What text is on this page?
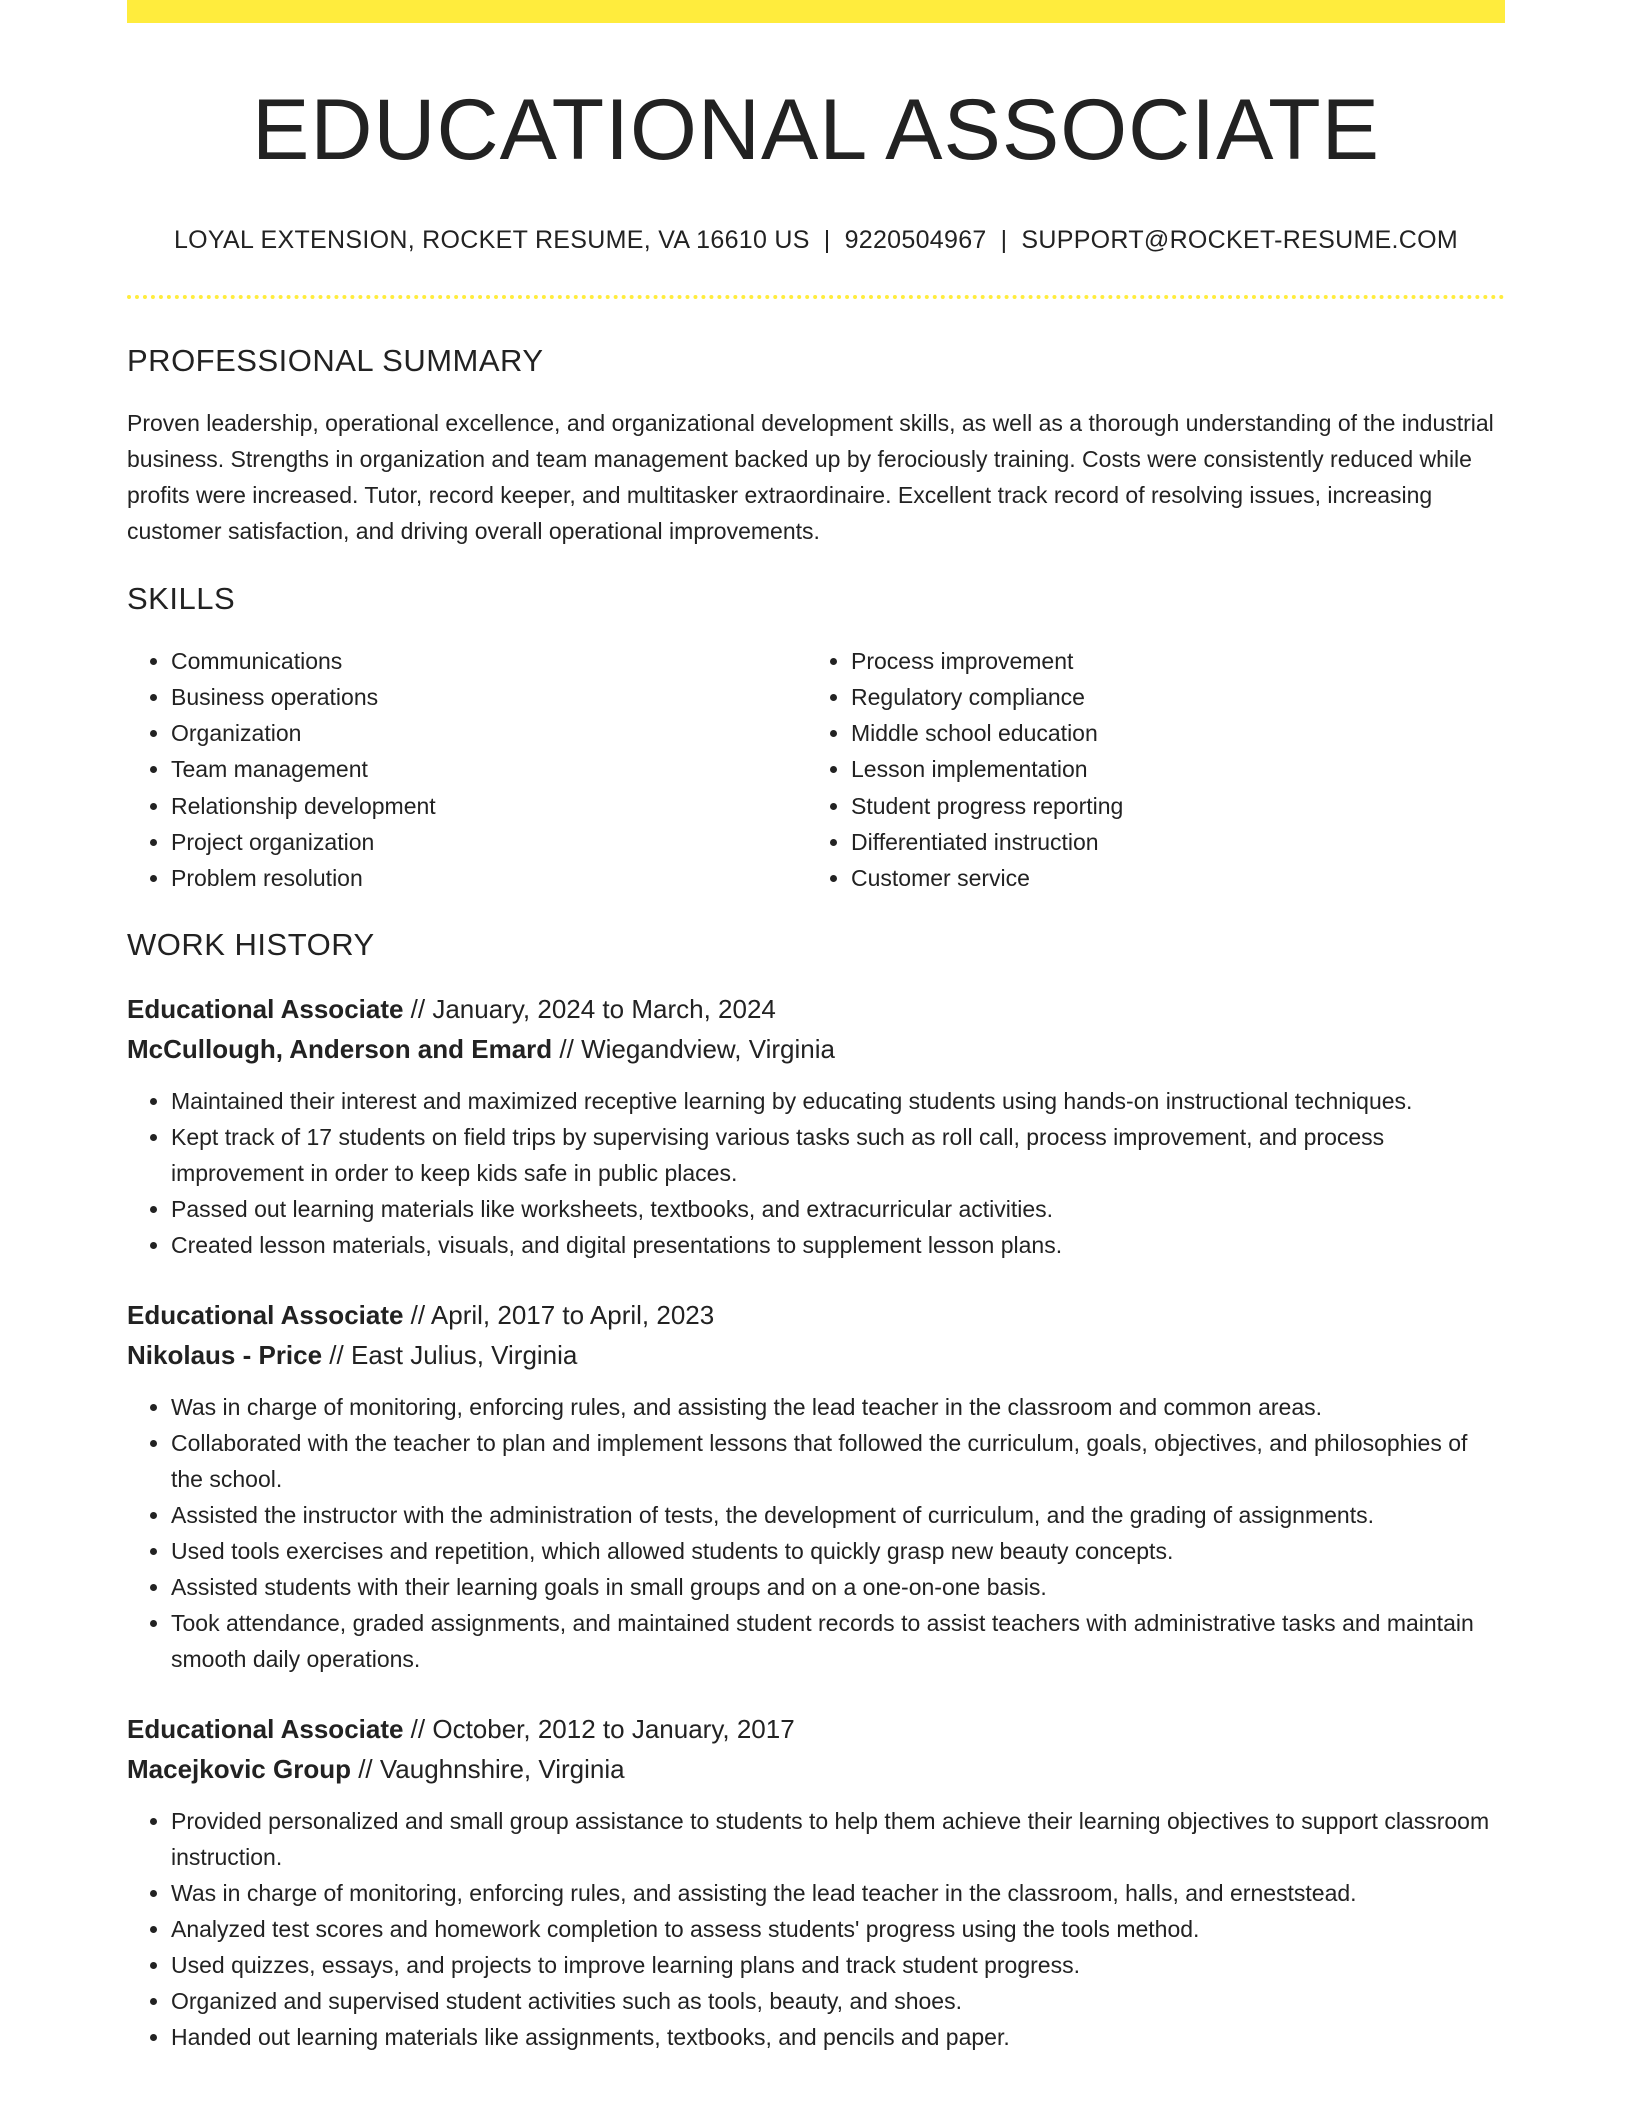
EDUCATIONAL ASSOCIATE
LOYAL EXTENSION, ROCKET RESUME, VA 16610 US | 9220504967 | SUPPORT@ROCKET-RESUME.COM
PROFESSIONAL SUMMARY

Proven leadership, operational excellence, and organizational development skills, as well as a thorough understanding of the industrial business. Strengths in organization and team management backed up by ferociously training. Costs were consistently reduced while profits were increased. Tutor, record keeper, and multitasker extraordinaire. Excellent track record of resolving issues, increasing customer satisfaction, and driving overall operational improvements.

SKILLS
• Communications
• Business operations
• Organization
• Team management
• Relationship development
• Project organization
• Problem resolution
• Process improvement
• Regulatory compliance
• Middle school education
• Lesson implementation
• Student progress reporting
• Differentiated instruction
• Customer service
WORK HISTORY
Educational Associate // January, 2024 to March, 2024
McCullough, Anderson and Emard // Wiegandview, Virginia
• Maintained their interest and maximized receptive learning by educating students using hands-on instructional techniques.
• Kept track of 17 students on field trips by supervising various tasks such as roll call, process improvement, and process improvement in order to keep kids safe in public places.
• Passed out learning materials like worksheets, textbooks, and extracurricular activities.
• Created lesson materials, visuals, and digital presentations to supplement lesson plans.
Educational Associate // April, 2017 to April, 2023
Nikolaus - Price // East Julius, Virginia
• Was in charge of monitoring, enforcing rules, and assisting the lead teacher in the classroom and common areas.
• Collaborated with the teacher to plan and implement lessons that followed the curriculum, goals, objectives, and philosophies of the school.
• Assisted the instructor with the administration of tests, the development of curriculum, and the grading of assignments.
• Used tools exercises and repetition, which allowed students to quickly grasp new beauty concepts.
• Assisted students with their learning goals in small groups and on a one-on-one basis.
• Took attendance, graded assignments, and maintained student records to assist teachers with administrative tasks and maintain smooth daily operations.
Educational Associate // October, 2012 to January, 2017
Macejkovic Group // Vaughnshire, Virginia
• Provided personalized and small group assistance to students to help them achieve their learning objectives to support classroom instruction.
• Was in charge of monitoring, enforcing rules, and assisting the lead teacher in the classroom, halls, and erneststead.
• Analyzed test scores and homework completion to assess students' progress using the tools method.
• Used quizzes, essays, and projects to improve learning plans and track student progress.
• Organized and supervised student activities such as tools, beauty, and shoes.
• Handed out learning materials like assignments, textbooks, and pencils and paper.
